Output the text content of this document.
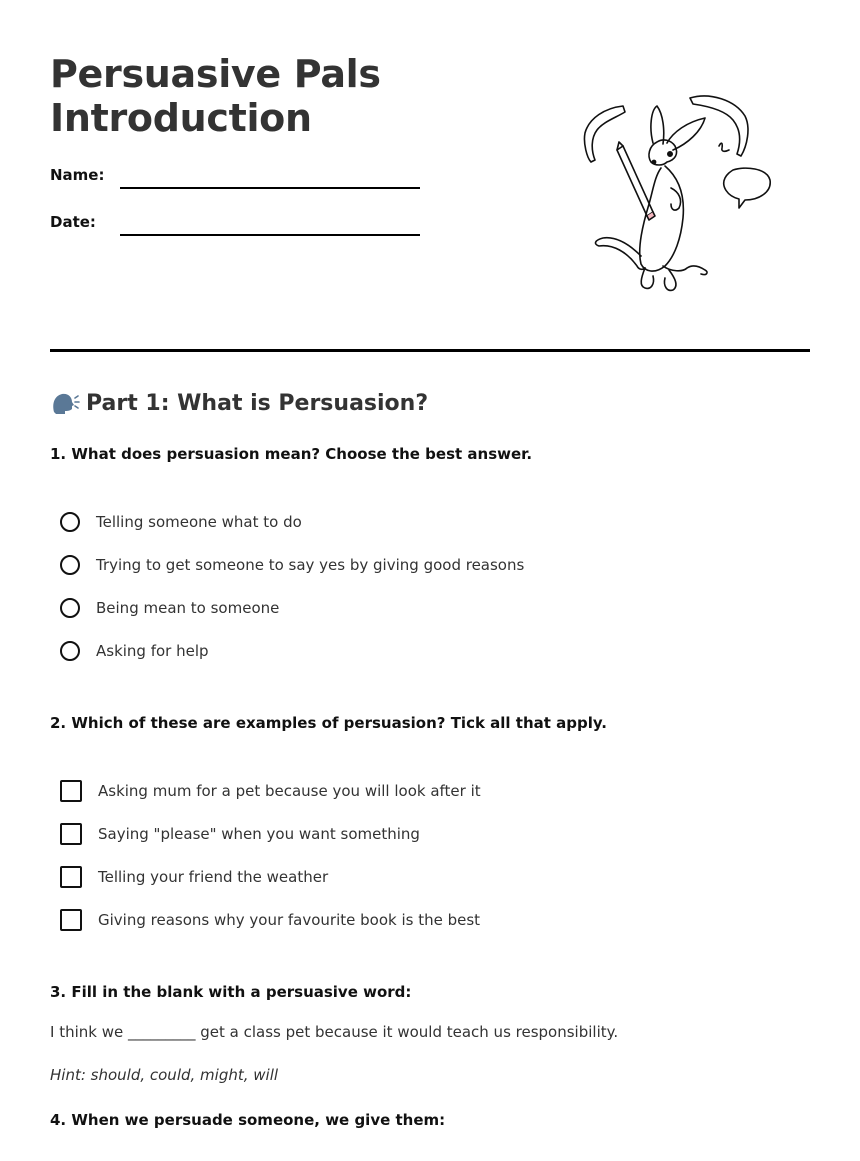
Persuasive Pals
Introduction
Name:
Date:
Part 1: What is Persuasion?

1. What does persuasion mean? Choose the best answer.

Telling someone what to do
Trying to get someone to say yes by giving good reasons
Being mean to someone
Asking for help

2. Which of these are examples of persuasion? Tick all that apply.

Asking mum for a pet because you will look after it
Saying "please" when you want something
Telling your friend the weather
Giving reasons why your favourite book is the best

3. Fill in the blank with a persuasive word:

I think we _________ get a class pet because it would teach us responsibility.

Hint: should, could, might, will

4. When we persuade someone, we give them:
